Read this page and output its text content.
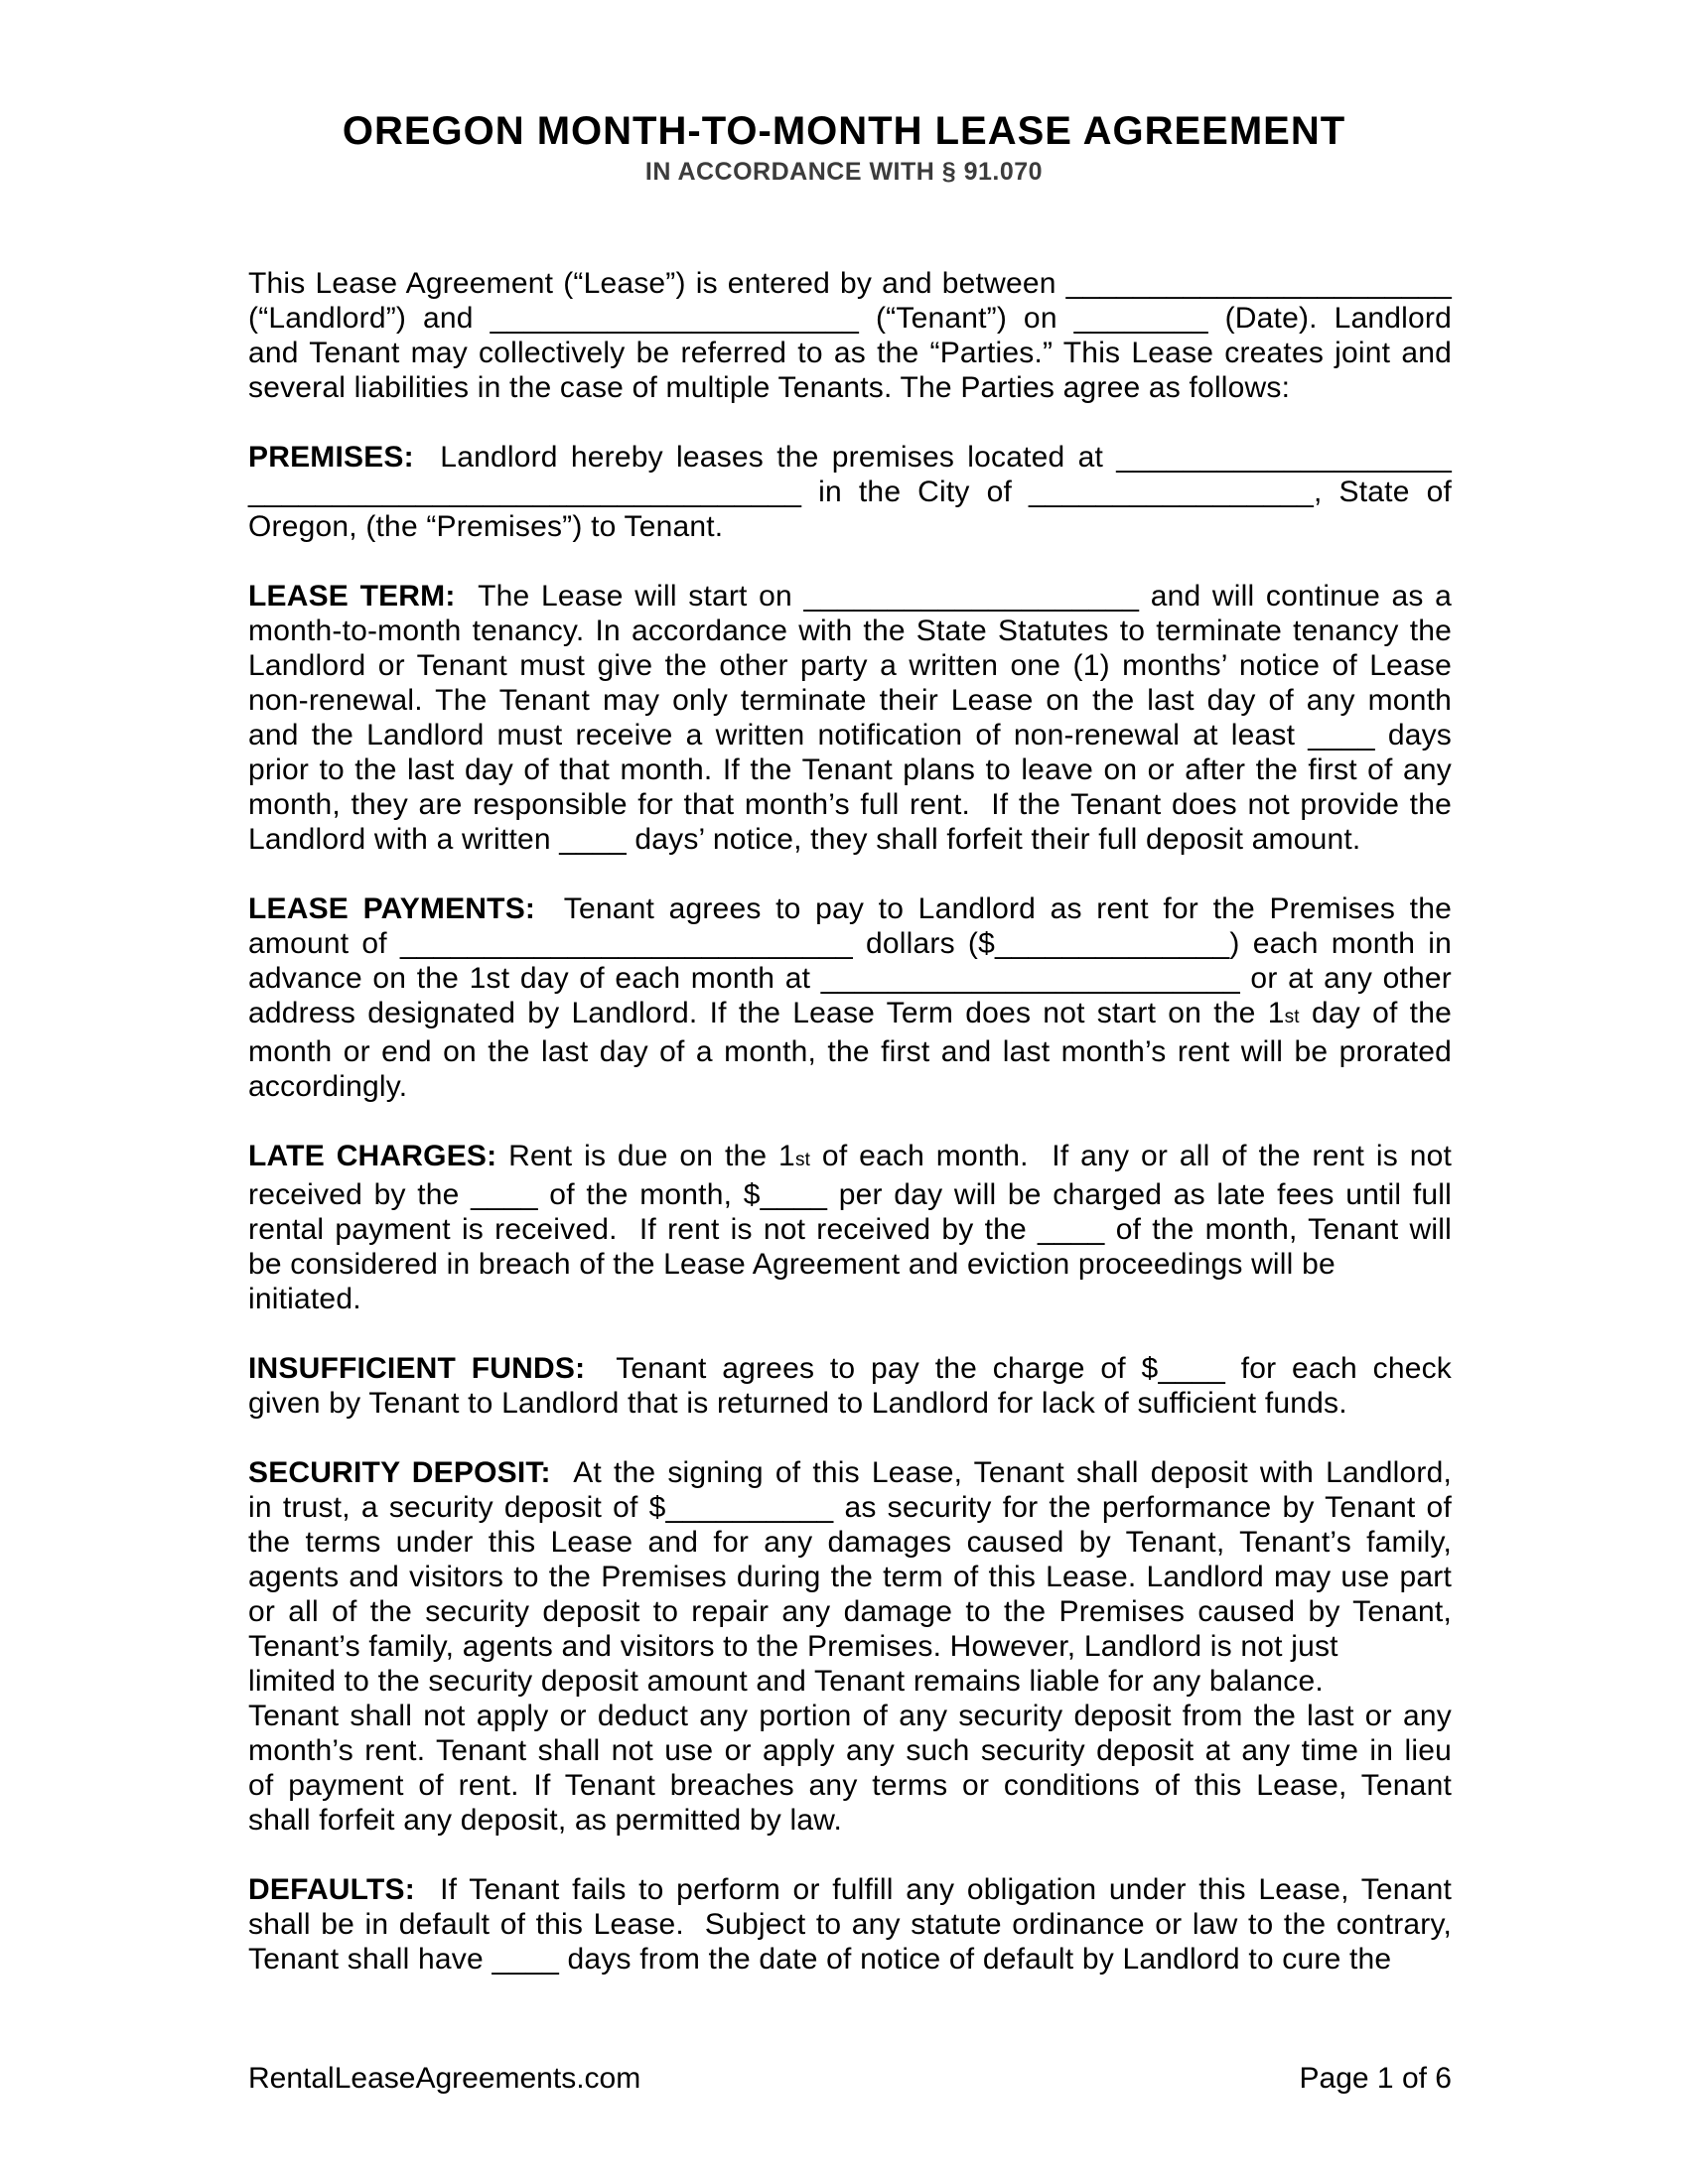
OREGON MONTH-TO-MONTH LEASE AGREEMENT
IN ACCORDANCE WITH § 91.070
This Lease Agreement (“Lease”) is entered by and between _______________________
(“Landlord”) and ______________________ (“Tenant”) on ________ (Date). Landlord
and Tenant may collectively be referred to as the “Parties.” This Lease creates joint and
several liabilities in the case of multiple Tenants. The Parties agree as follows:
PREMISES:  Landlord hereby leases the premises located at ____________________
_________________________________ in the City of _________________, State of
Oregon, (the “Premises”) to Tenant.
LEASE TERM:  The Lease will start on ____________________ and will continue as a
month-to-month tenancy. In accordance with the State Statutes to terminate tenancy the
Landlord or Tenant must give the other party a written one (1) months’ notice of Lease
non-renewal. The Tenant may only terminate their Lease on the last day of any month
and the Landlord must receive a written notification of non-renewal at least ____ days
prior to the last day of that month. If the Tenant plans to leave on or after the first of any
month, they are responsible for that month’s full rent.  If the Tenant does not provide the
Landlord with a written ____ days’ notice, they shall forfeit their full deposit amount.
LEASE PAYMENTS:  Tenant agrees to pay to Landlord as rent for the Premises the
amount of ___________________________ dollars ($______________) each month in
advance on the 1st day of each month at _________________________ or at any other
address designated by Landlord. If the Lease Term does not start on the 1st day of the
month or end on the last day of a month, the first and last month’s rent will be prorated
accordingly.
LATE CHARGES: Rent is due on the 1st of each month.  If any or all of the rent is not
received by the ____ of the month, $____ per day will be charged as late fees until full
rental payment is received.  If rent is not received by the ____ of the month, Tenant will
be considered in breach of the Lease Agreement and eviction proceedings will be
initiated.
INSUFFICIENT FUNDS:  Tenant agrees to pay the charge of $____ for each check
given by Tenant to Landlord that is returned to Landlord for lack of sufficient funds.
SECURITY DEPOSIT:  At the signing of this Lease, Tenant shall deposit with Landlord,
in trust, a security deposit of $__________ as security for the performance by Tenant of
the terms under this Lease and for any damages caused by Tenant, Tenant’s family,
agents and visitors to the Premises during the term of this Lease. Landlord may use part
or all of the security deposit to repair any damage to the Premises caused by Tenant,
Tenant’s family, agents and visitors to the Premises. However, Landlord is not just
limited to the security deposit amount and Tenant remains liable for any balance.
Tenant shall not apply or deduct any portion of any security deposit from the last or any
month’s rent. Tenant shall not use or apply any such security deposit at any time in lieu
of payment of rent. If Tenant breaches any terms or conditions of this Lease, Tenant
shall forfeit any deposit, as permitted by law.
DEFAULTS:  If Tenant fails to perform or fulfill any obligation under this Lease, Tenant
shall be in default of this Lease.  Subject to any statute ordinance or law to the contrary,
Tenant shall have ____ days from the date of notice of default by Landlord to cure the
RentalLeaseAgreements.com	Page 1 of 6
